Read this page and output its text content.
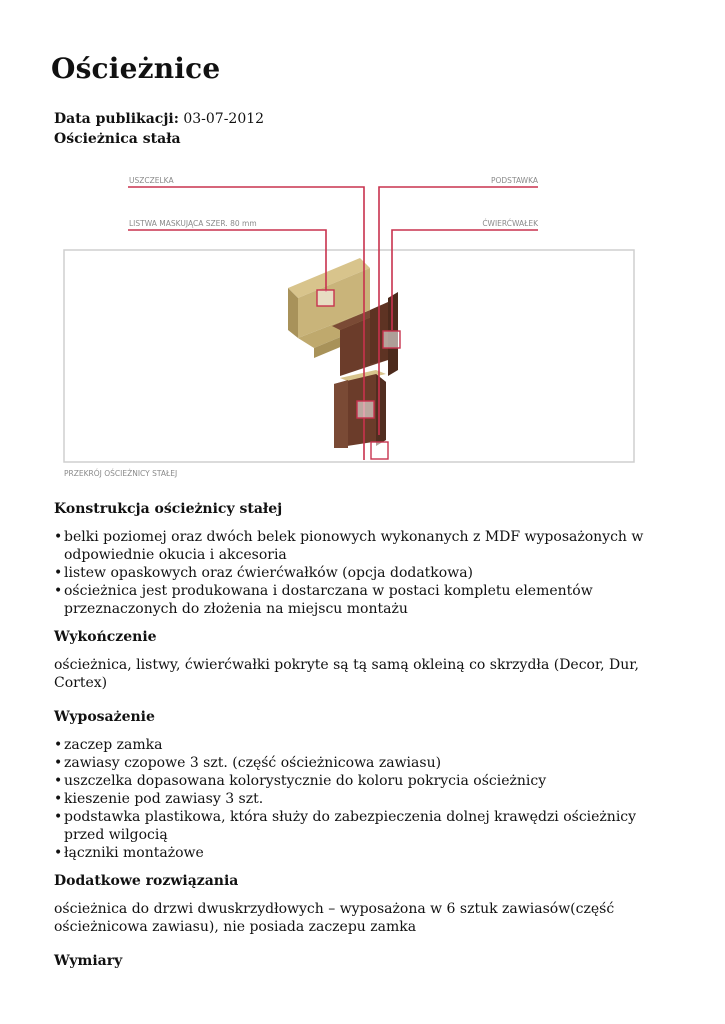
Ościeżnice
Data publikacji: 03-07-2012
Ościeżnica stała
USZCZELKA	PODSTAWKA
LISTWA MASKUJĄCA SZER. 80 mm	ĆWIERĆWAŁEK
PRZEKRÓJ OŚCIEŻNICY STAŁEJ
Konstrukcja ościeżnicy stałej
• belki poziomej oraz dwóch belek pionowych wykonanych z MDF wyposażonych w odpowiednie okucia i akcesoria
• listew opaskowych oraz ćwierćwałków (opcja dodatkowa)
• ościeżnica jest produkowana i dostarczana w postaci kompletu elementów przeznaczonych do złożenia na miejscu montażu
Wykończenie

ościeżnica, listwy, ćwierćwałki pokryte są tą samą okleiną co skrzydła (Decor, Dur, Cortex)

Wyposażenie
• zaczep zamka
• zawiasy czopowe 3 szt. (część ościeżnicowa zawiasu)
• uszczelka dopasowana kolorystycznie do koloru pokrycia ościeżnicy
• kieszenie pod zawiasy 3 szt.
• podstawka plastikowa, która służy do zabezpieczenia dolnej krawędzi ościeżnicy przed wilgocią
• łączniki montażowe
Dodatkowe rozwiązania

ościeżnica do drzwi dwuskrzydłowych – wyposażona w 6 sztuk zawiasów(część ościeżnicowa zawiasu), nie posiada zaczepu zamka

Wymiary
